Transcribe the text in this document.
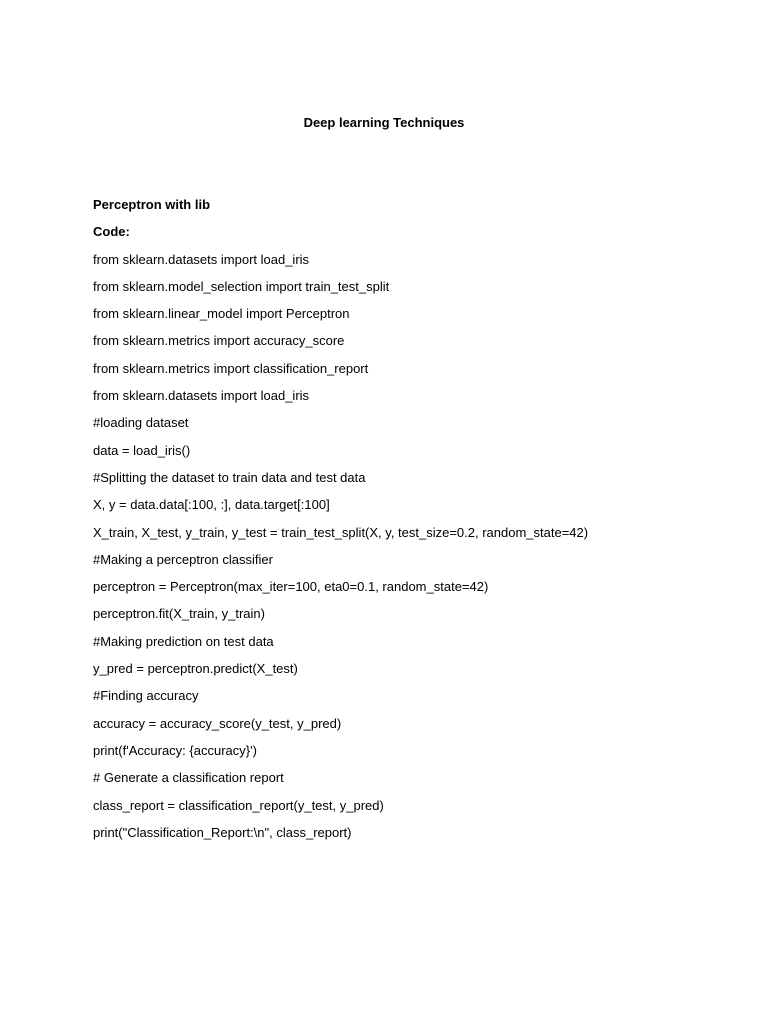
Deep learning Techniques
Perceptron with lib
Code:
from sklearn.datasets import load_iris
from sklearn.model_selection import train_test_split
from sklearn.linear_model import Perceptron
from sklearn.metrics import accuracy_score
from sklearn.metrics import classification_report
from sklearn.datasets import load_iris
#loading dataset
data = load_iris()
#Splitting the dataset to train data and test data
X, y = data.data[:100, :], data.target[:100]
X_train, X_test, y_train, y_test = train_test_split(X, y, test_size=0.2, random_state=42)
#Making a perceptron classifier
perceptron = Perceptron(max_iter=100, eta0=0.1, random_state=42)
perceptron.fit(X_train, y_train)
#Making prediction on test data
y_pred = perceptron.predict(X_test)
#Finding accuracy
accuracy = accuracy_score(y_test, y_pred)
print(f'Accuracy: {accuracy}')
# Generate a classification report
class_report = classification_report(y_test, y_pred)
print("Classification_Report:\n", class_report)
